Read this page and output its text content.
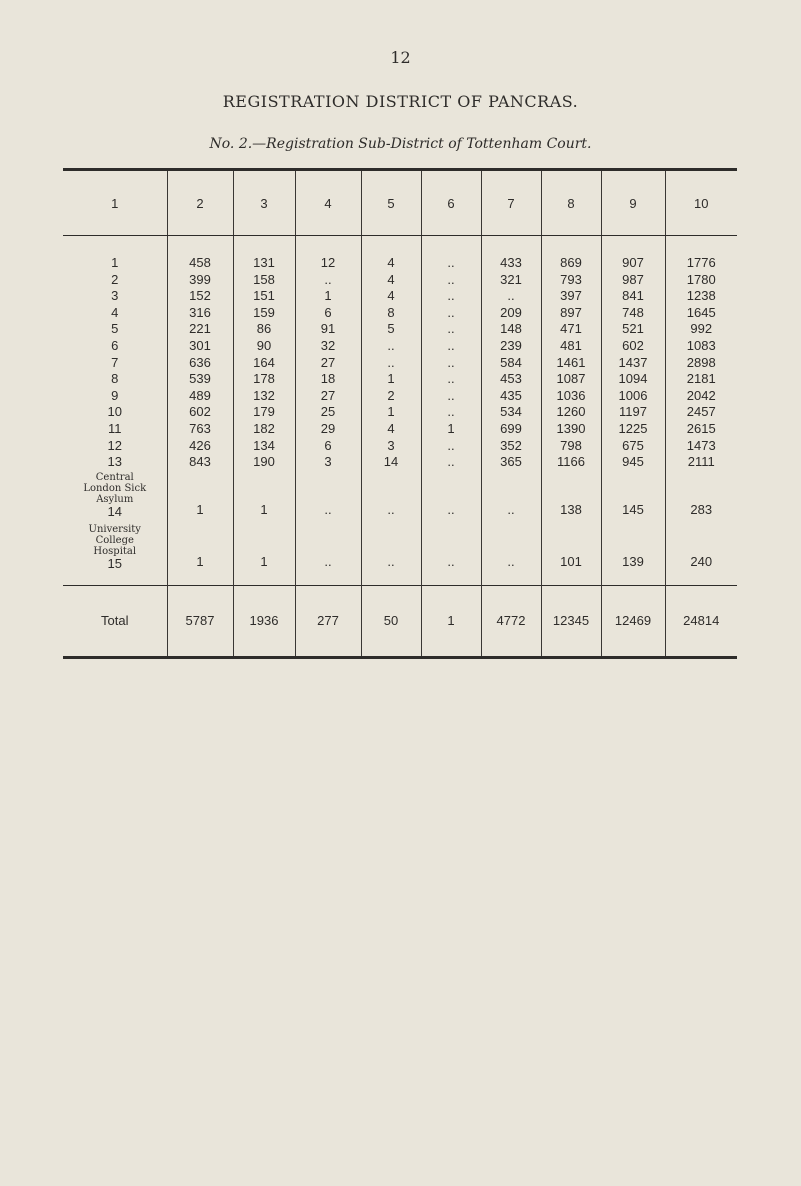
12
REGISTRATION DISTRICT OF PANCRAS.
No. 2.—Registration Sub-District of Tottenham Court.
1	2	3	4	5	6	7	8	9	10
1	458	131	12	4	..	433	869	907	1776
2	399	158	..	4	..	321	793	987	1780
3	152	151	1	4	..	..	397	841	1238
4	316	159	6	8	..	209	897	748	1645
5	221	86	91	5	..	148	471	521	992
6	301	90	32	..	..	239	481	602	1083
7	636	164	27	..	..	584	1461	1437	2898
8	539	178	18	1	..	453	1087	1094	2181
9	489	132	27	2	..	435	1036	1006	2042
10	602	179	25	1	..	534	1260	1197	2457
11	763	182	29	4	1	699	1390	1225	2615
12	426	134	6	3	..	352	798	675	1473
13	843	190	3	14	..	365	1166	945	2111

Central
London Sick
Asylum
14	1	1	..	..	..	..	138	145	283

University
College
Hospital
15	1	1	..	..	..	..	101	139	240
Total	5787	1936	277	50	1	4772	12345	12469	24814
